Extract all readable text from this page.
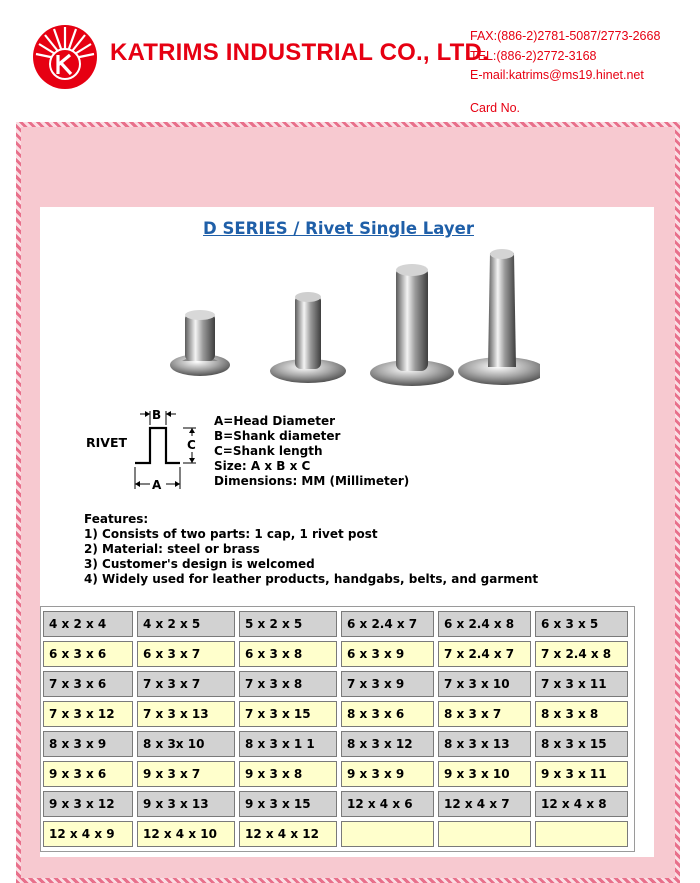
KATRIMS INDUSTRIAL CO., LTD.
FAX:(886-2)2781-5087/2773-2668
TEL:(886-2)2772-3168
E-mail:katrims@ms19.hinet.net
Card No.
D SERIES / Rivet Single Layer
RIVET
B
C
A
A=Head Diameter
B=Shank diameter
C=Shank length
Size: A x B x C
Dimensions: MM (Millimeter)
Features:
1) Consists of two parts: 1 cap, 1 rivet post
2) Material: steel or brass
3) Customer's design is welcomed
4) Widely used for leather products, handgabs, belts, and garment
4 x 2 x 4	4 x 2 x 5	5 x 2 x 5	6 x 2.4 x 7	6 x 2.4 x 8	6 x 3 x 5
6 x 3 x 6	6 x 3 x 7	6 x 3 x 8	6 x 3 x 9	7 x 2.4 x 7	7 x 2.4 x 8
7 x 3 x 6	7 x 3 x 7	7 x 3 x 8	7 x 3 x 9	7 x 3 x 10	7 x 3 x 11
7 x 3 x 12	7 x 3 x 13	7 x 3 x 15	8 x 3 x 6	8 x 3 x 7	8 x 3 x 8
8 x 3 x 9	8 x 3x 10	8 x 3 x 1 1	8 x 3 x 12	8 x 3 x 13	8 x 3 x 15
9 x 3 x 6	9 x 3 x 7	9 x 3 x 8	9 x 3 x 9	9 x 3 x 10	9 x 3 x 11
9 x 3 x 12	9 x 3 x 13	9 x 3 x 15	12 x 4 x 6	12 x 4 x 7	12 x 4 x 8
12 x 4 x 9	12 x 4 x 10	12 x 4 x 12
